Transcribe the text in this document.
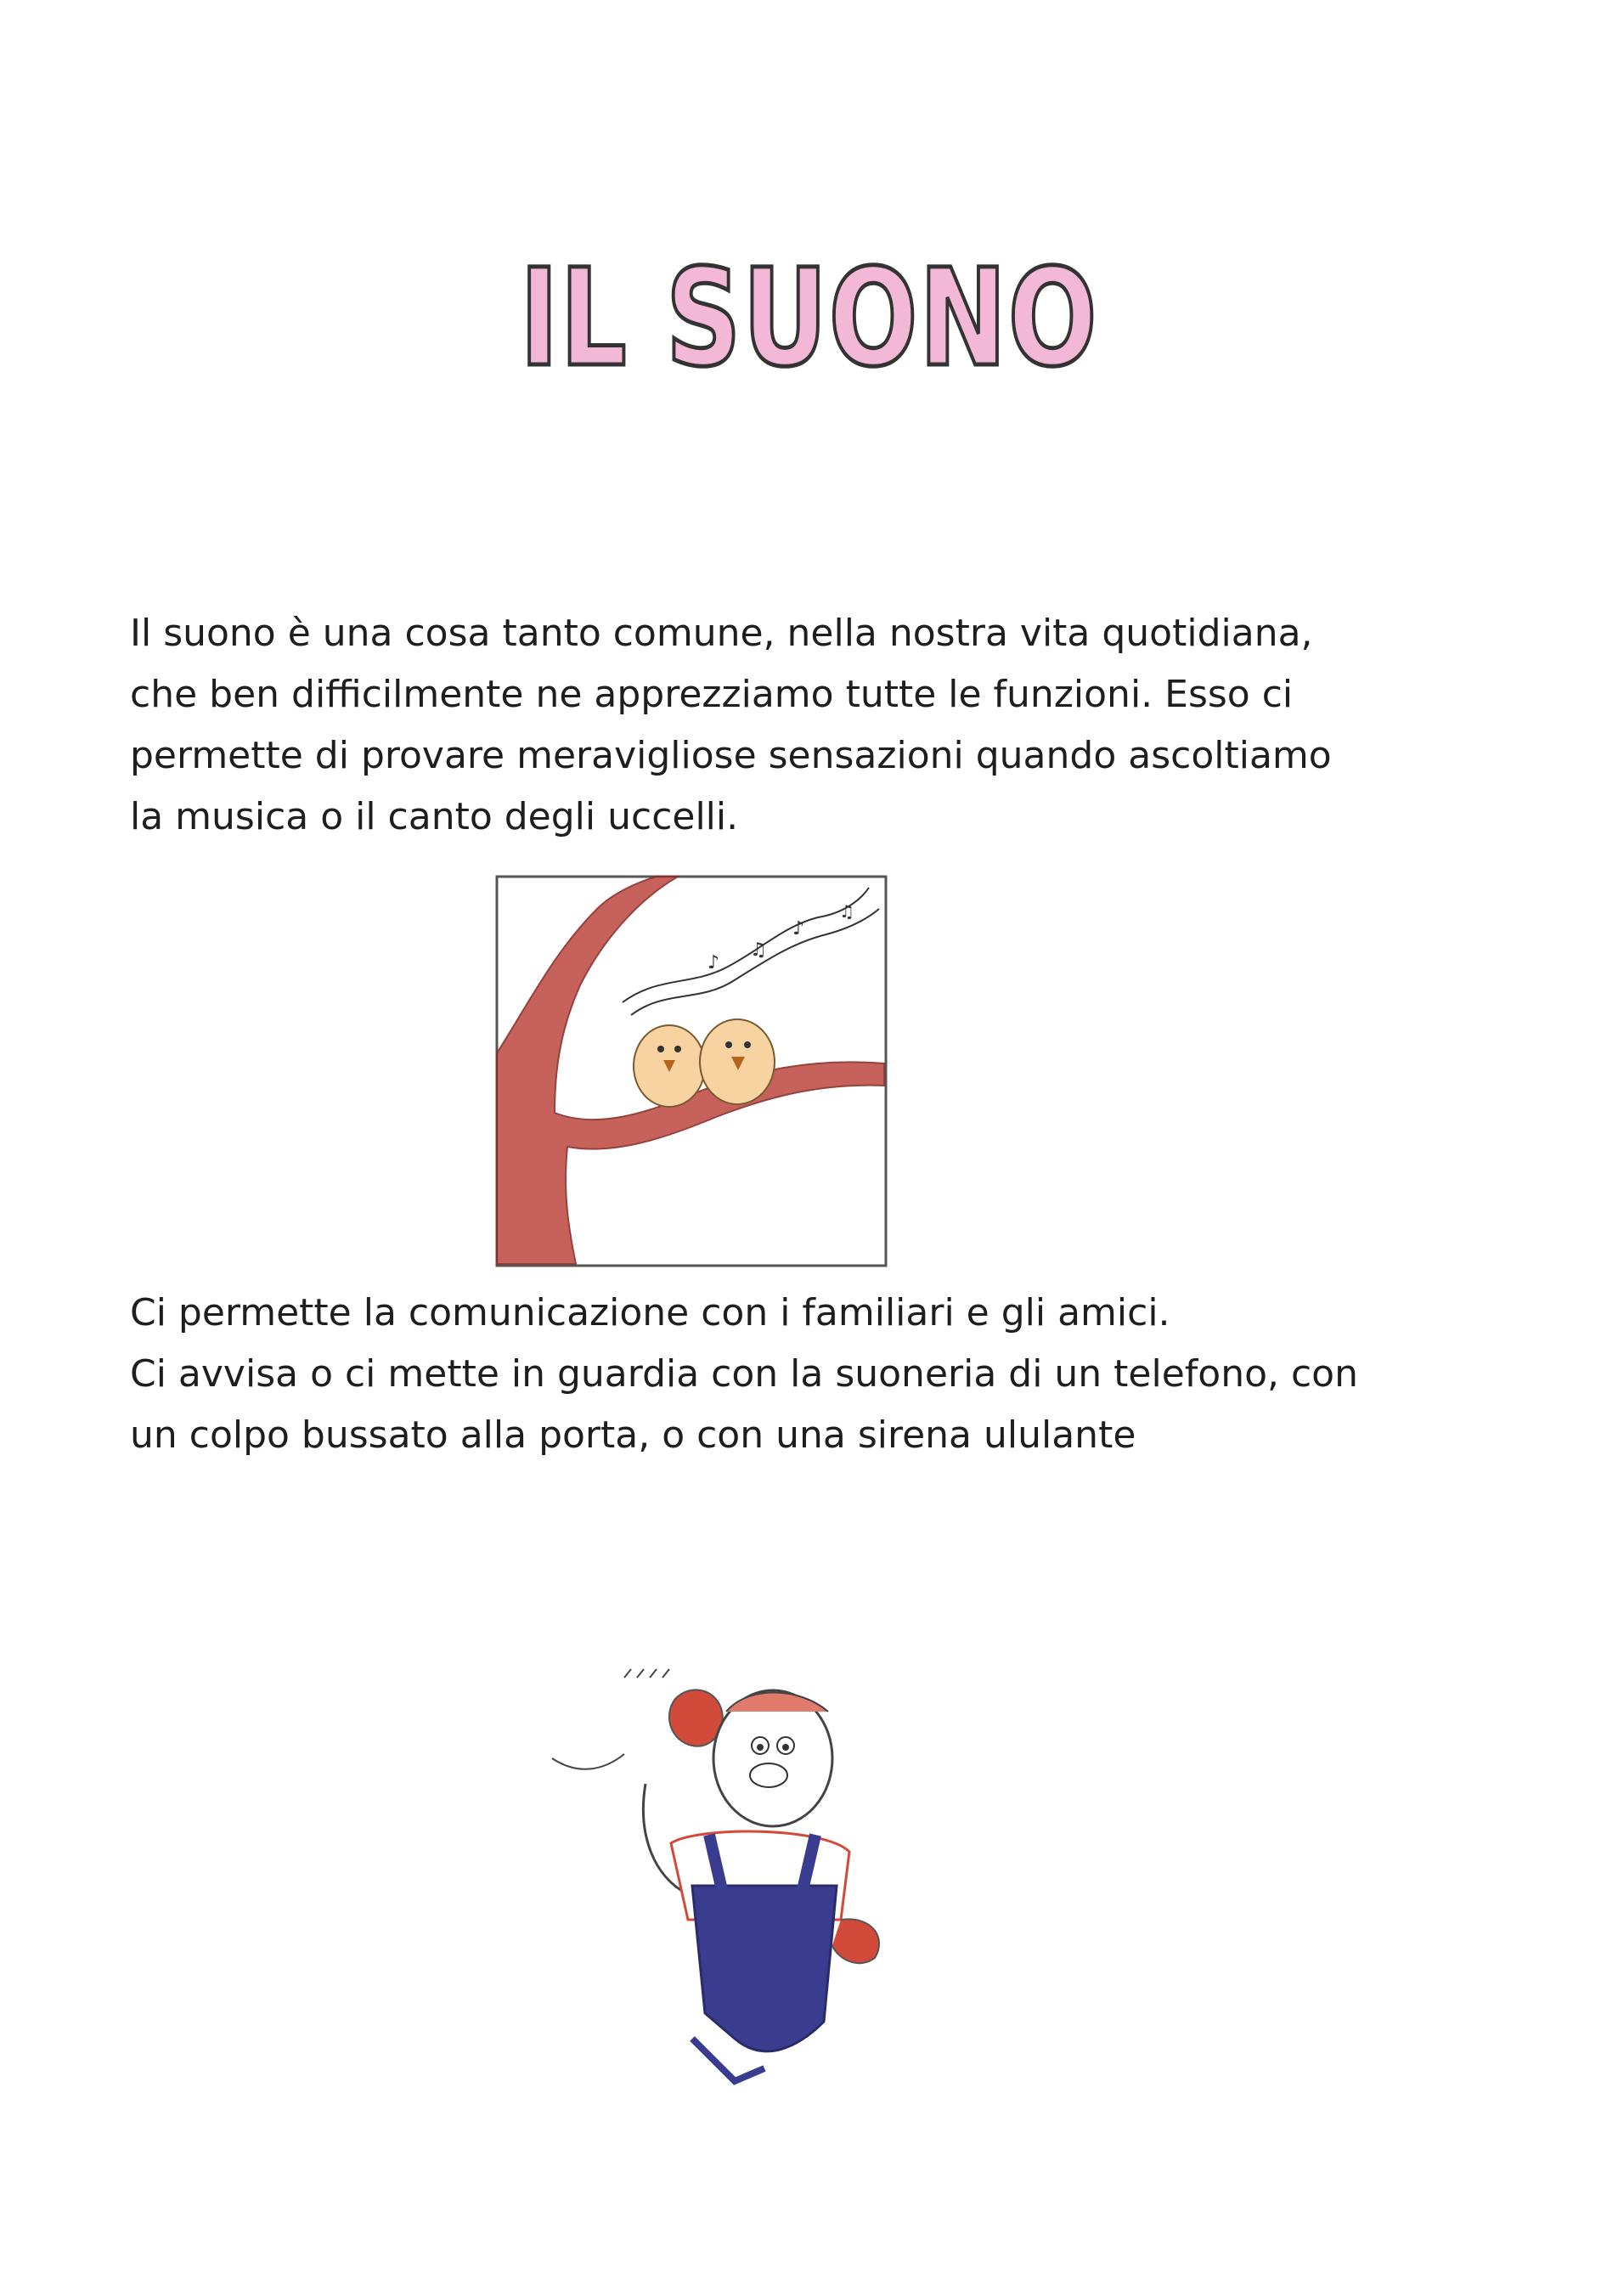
IL SUONO

Il suono è una cosa tanto comune, nella nostra vita quotidiana,
che ben difficilmente ne apprezziamo tutte le funzioni. Esso ci
permette di provare meravigliose sensazioni quando ascoltiamo
la musica o il canto degli uccelli.

♪
♫
♪
♫

Ci permette la comunicazione con i familiari e gli amici.
Ci avvisa o ci mette in guardia con la suoneria di un telefono, con
un colpo bussato alla porta, o con una sirena ululante
